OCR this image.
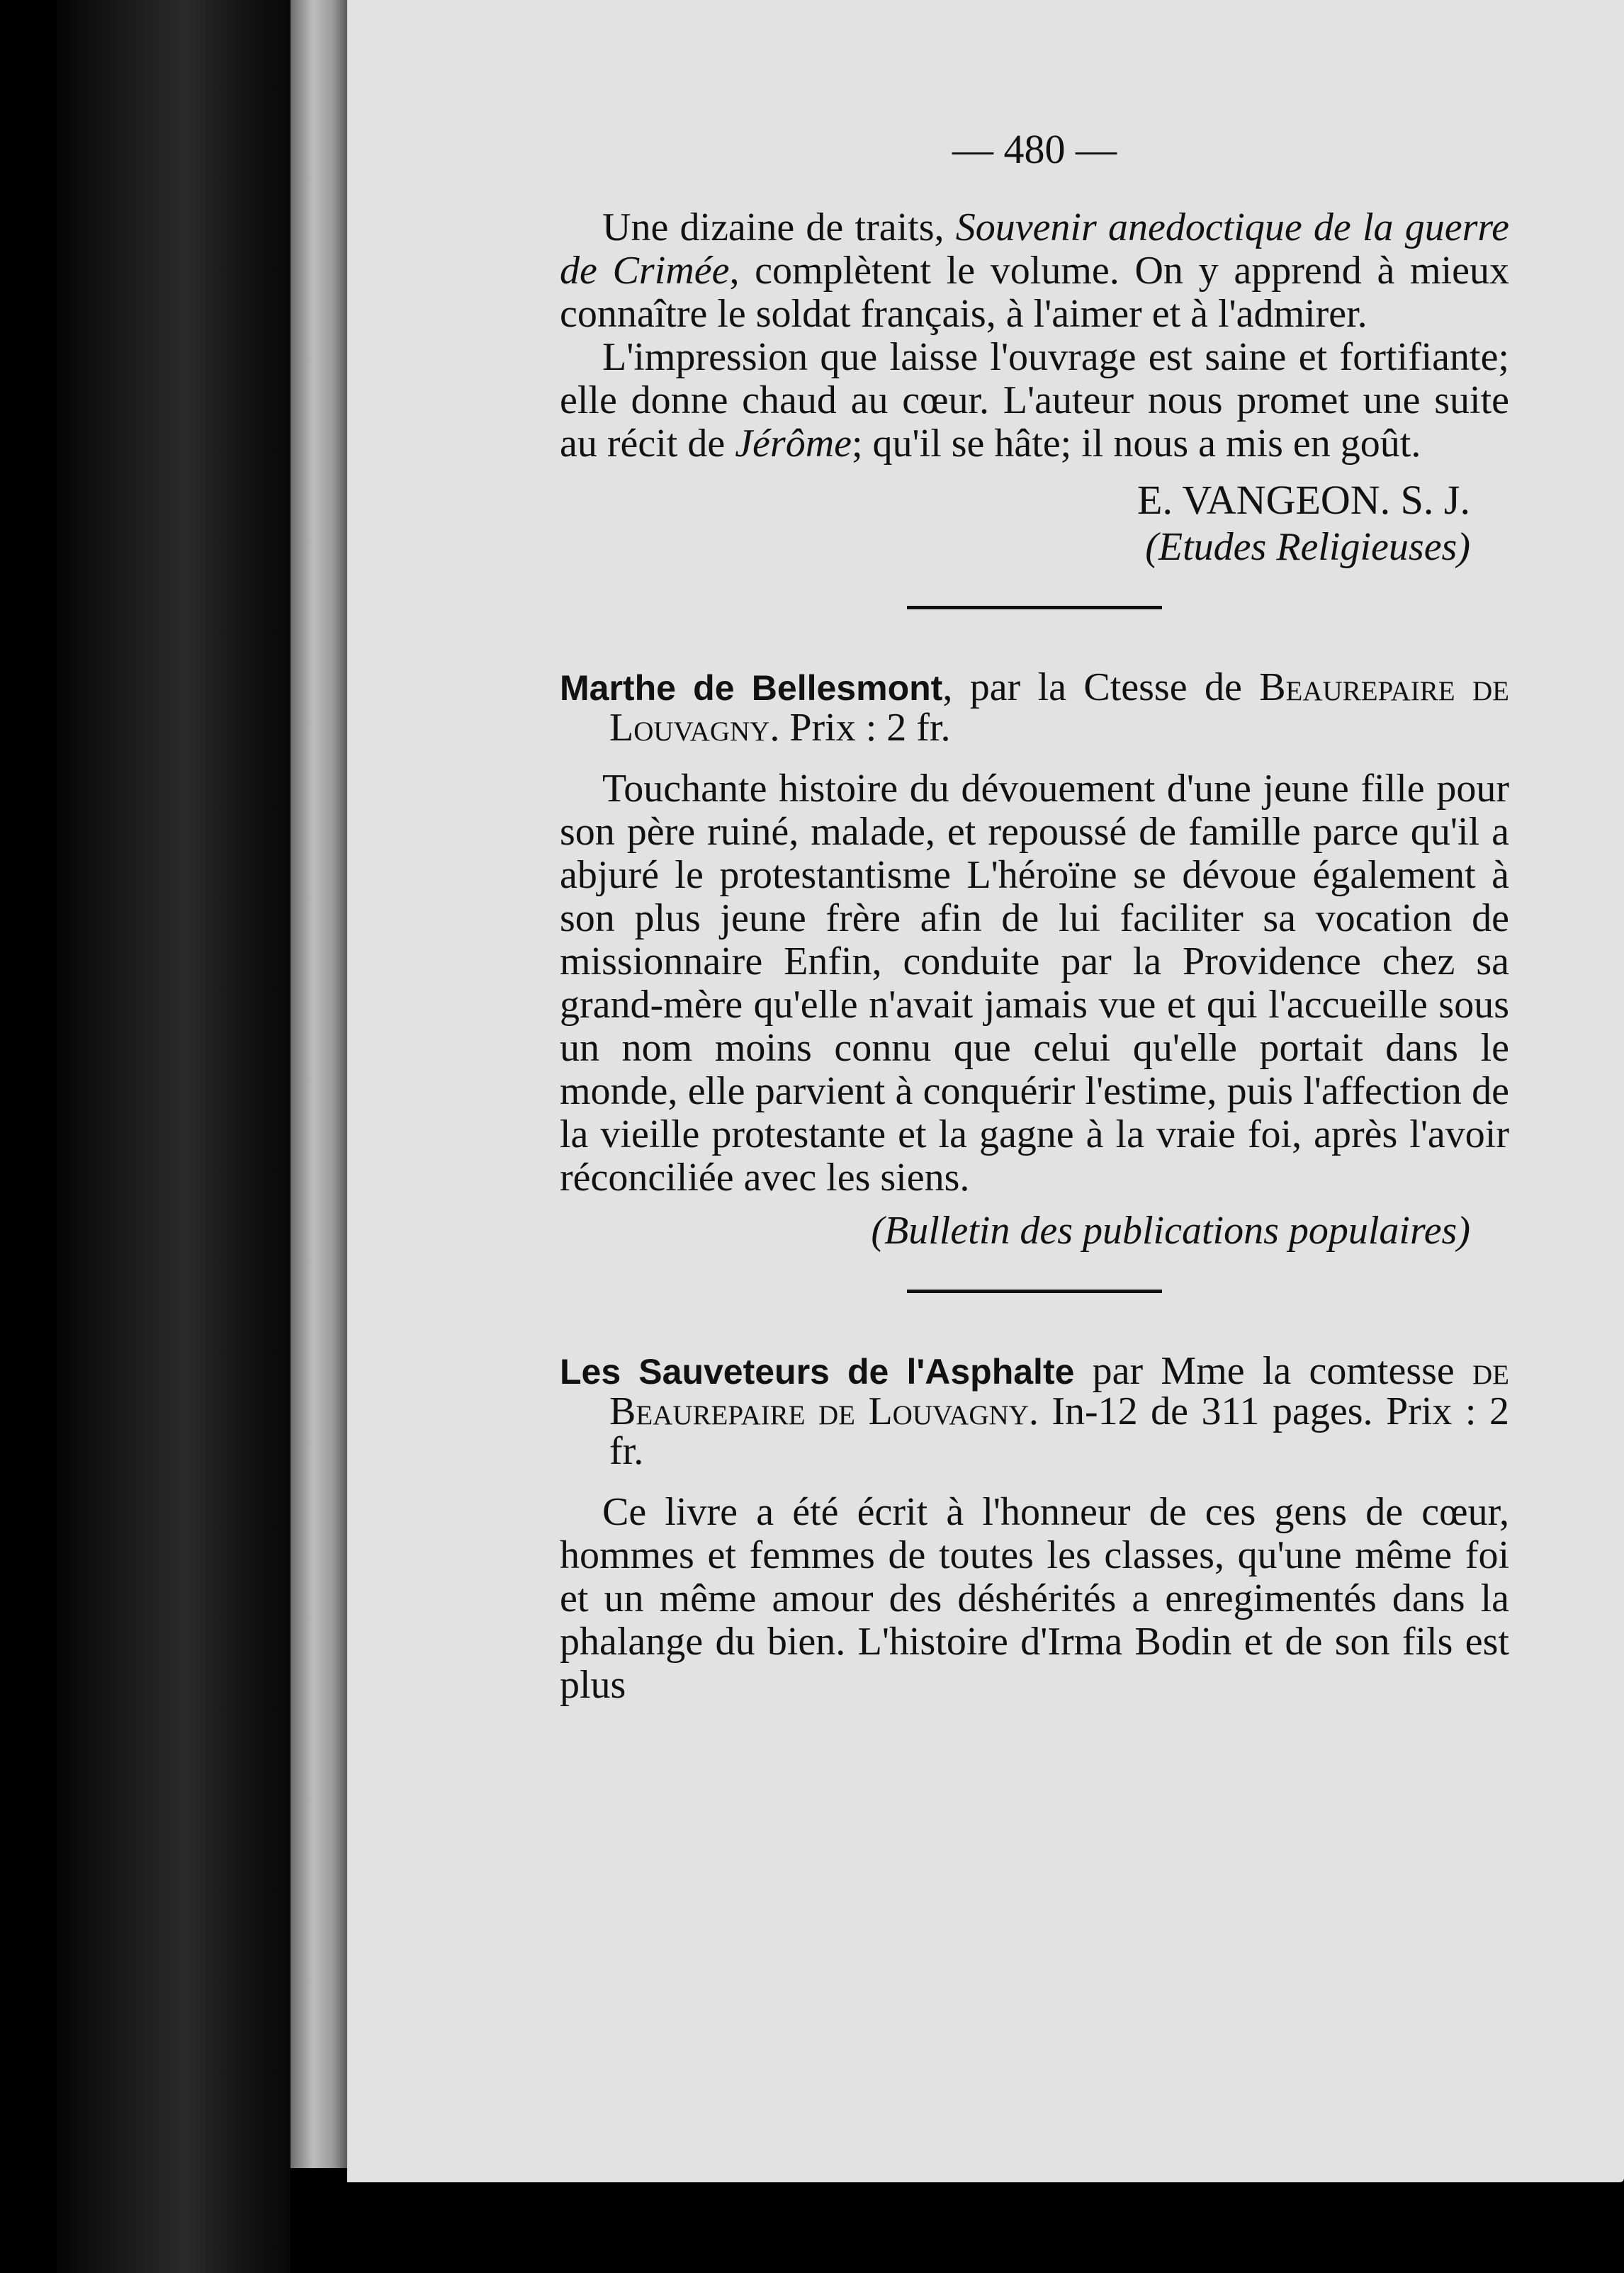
— 480 —

Une dizaine de traits, Souvenir anedoctique de la guerre de Crimée, complètent le volume. On y apprend à mieux connaître le soldat français, à l'aimer et à l'admirer.

L'impression que laisse l'ouvrage est saine et fortifiante; elle donne chaud au cœur. L'auteur nous promet une suite au récit de Jérôme; qu'il se hâte; il nous a mis en goût.

E. VANGEON. S. J.
(Etudes Religieuses)

Marthe de Bellesmont, par la Ctesse de Beaurepaire de Louvagny. Prix : 2 fr.

Touchante histoire du dévouement d'une jeune fille pour son père ruiné, malade, et repoussé de famille parce qu'il a abjuré le protestantisme L'héroïne se dévoue également à son plus jeune frère afin de lui faciliter sa vocation de missionnaire Enfin, conduite par la Providence chez sa grand-mère qu'elle n'avait jamais vue et qui l'accueille sous un nom moins connu que celui qu'elle portait dans le monde, elle parvient à conquérir l'estime, puis l'affection de la vieille protestante et la gagne à la vraie foi, après l'avoir réconciliée avec les siens.

(Bulletin des publications populaires)

Les Sauveteurs de l'Asphalte par Mme la comtesse de Beaurepaire de Louvagny. In-12 de 311 pages. Prix : 2 fr.

Ce livre a été écrit à l'honneur de ces gens de cœur, hommes et femmes de toutes les classes, qu'une même foi et un même amour des déshérités a enregimentés dans la phalange du bien. L'histoire d'Irma Bodin et de son fils est plus
